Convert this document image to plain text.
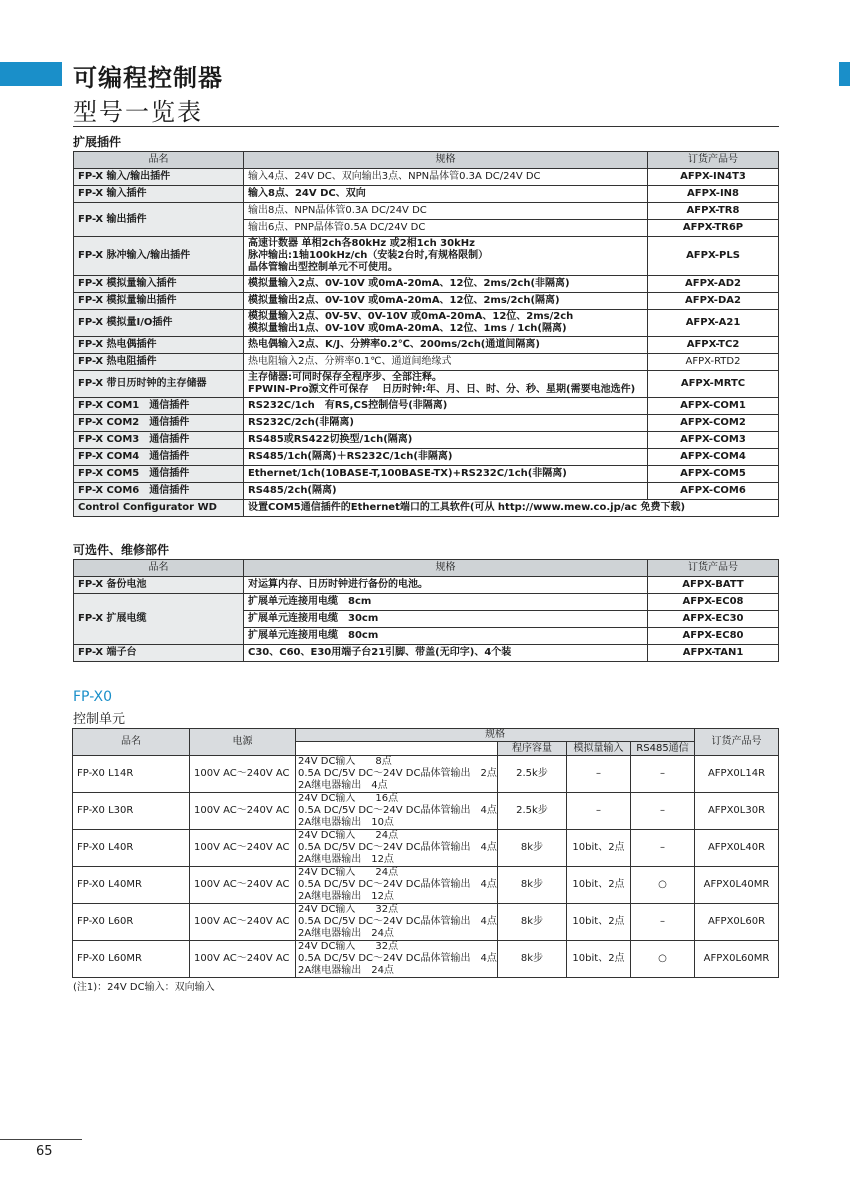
可编程控制器
型号一览表
扩展插件
品名	规格	订货产品号
FP-X 输入/输出插件	输入4点、24V DC、双向输出3点、NPN晶体管0.3A DC/24V DC	AFPX-IN4T3
FP-X 输入插件	输入8点、24V DC、双向	AFPX-IN8
FP-X 输出插件	输出8点、NPN晶体管0.3A DC/24V DC	AFPX-TR8
	输出6点、PNP晶体管0.5A DC/24V DC	AFPX-TR6P
FP-X 脉冲输入/输出插件	高速计数器 单相2ch各80kHz 或2相1ch 30kHz
脉冲输出:1轴100kHz/ch（安装2台时,有规格限制）
晶体管输出型控制单元不可使用。	AFPX-PLS
FP-X 模拟量输入插件	模拟量输入2点、0V-10V 或0mA-20mA、12位、2ms/2ch(非隔离)	AFPX-AD2
FP-X 模拟量输出插件	模拟量输出2点、0V-10V 或0mA-20mA、12位、2ms/2ch(隔离)	AFPX-DA2
FP-X 模拟量I/O插件	模拟量输入2点、0V-5V、0V-10V 或0mA-20mA、12位、2ms/2ch
模拟量输出1点、0V-10V 或0mA-20mA、12位、1ms / 1ch(隔离)	AFPX-A21
FP-X 热电偶插件	热电偶输入2点、K/J、分辨率0.2℃、200ms/2ch(通道间隔离)	AFPX-TC2
FP-X 热电阻插件	热电阻输入2点、分辨率0.1℃、通道间绝缘式	AFPX-RTD2
FP-X 带日历时钟的主存储器	主存储器:可同时保存全程序步、全部注释。
FPWIN-Pro源文件可保存　 日历时钟:年、月、日、时、分、秒、星期(需要电池选件)	AFPX-MRTC
FP-X COM1　通信插件	RS232C/1ch　有RS,CS控制信号(非隔离)	AFPX-COM1
FP-X COM2　通信插件	RS232C/2ch(非隔离)	AFPX-COM2
FP-X COM3　通信插件	RS485或RS422切换型/1ch(隔离)	AFPX-COM3
FP-X COM4　通信插件	RS485/1ch(隔离)＋RS232C/1ch(非隔离)	AFPX-COM4
FP-X COM5　通信插件	Ethernet/1ch(10BASE-T,100BASE-TX)+RS232C/1ch(非隔离)	AFPX-COM5
FP-X COM6　通信插件	RS485/2ch(隔离)	AFPX-COM6
Control Configurator WD	设置COM5通信插件的Ethernet端口的工具软件(可从 http://www.mew.co.jp/ac 免费下载)	
可选件、维修部件
品名	规格	订货产品号
FP-X 备份电池	对运算内存、日历时钟进行备份的电池。	AFPX-BATT
FP-X 扩展电缆	扩展单元连接用电缆　8cm	AFPX-EC08
	扩展单元连接用电缆　30cm	AFPX-EC30
	扩展单元连接用电缆　80cm	AFPX-EC80
FP-X 端子台	C30、C60、E30用端子台21引脚、带盖(无印字)、4个装	AFPX-TAN1
FP-X0
控制单元
品名	电源	规格				订货产品号
			程序容量	模拟量输入	RS485通信	
FP-X0 L14R	100V AC～240V AC	24V DC输入　　8点
0.5A DC/5V DC～24V DC晶体管输出　2点
2A继电器输出　4点	2.5k步	–	–	AFPX0L14R
FP-X0 L30R	100V AC～240V AC	24V DC输入　　16点
0.5A DC/5V DC～24V DC晶体管输出　4点
2A继电器输出　10点	2.5k步	–	–	AFPX0L30R
FP-X0 L40R	100V AC～240V AC	24V DC输入　　24点
0.5A DC/5V DC～24V DC晶体管输出　4点
2A继电器输出　12点	8k步	10bit、2点	–	AFPX0L40R
FP-X0 L40MR	100V AC～240V AC	24V DC输入　　24点
0.5A DC/5V DC～24V DC晶体管输出　4点
2A继电器输出　12点	8k步	10bit、2点	○	AFPX0L40MR
FP-X0 L60R	100V AC～240V AC	24V DC输入　　32点
0.5A DC/5V DC～24V DC晶体管输出　4点
2A继电器输出　24点	8k步	10bit、2点	–	AFPX0L60R
FP-X0 L60MR	100V AC～240V AC	24V DC输入　　32点
0.5A DC/5V DC～24V DC晶体管输出　4点
2A继电器输出　24点	8k步	10bit、2点	○	AFPX0L60MR
(注1)：24V DC输入：双向输入
65
